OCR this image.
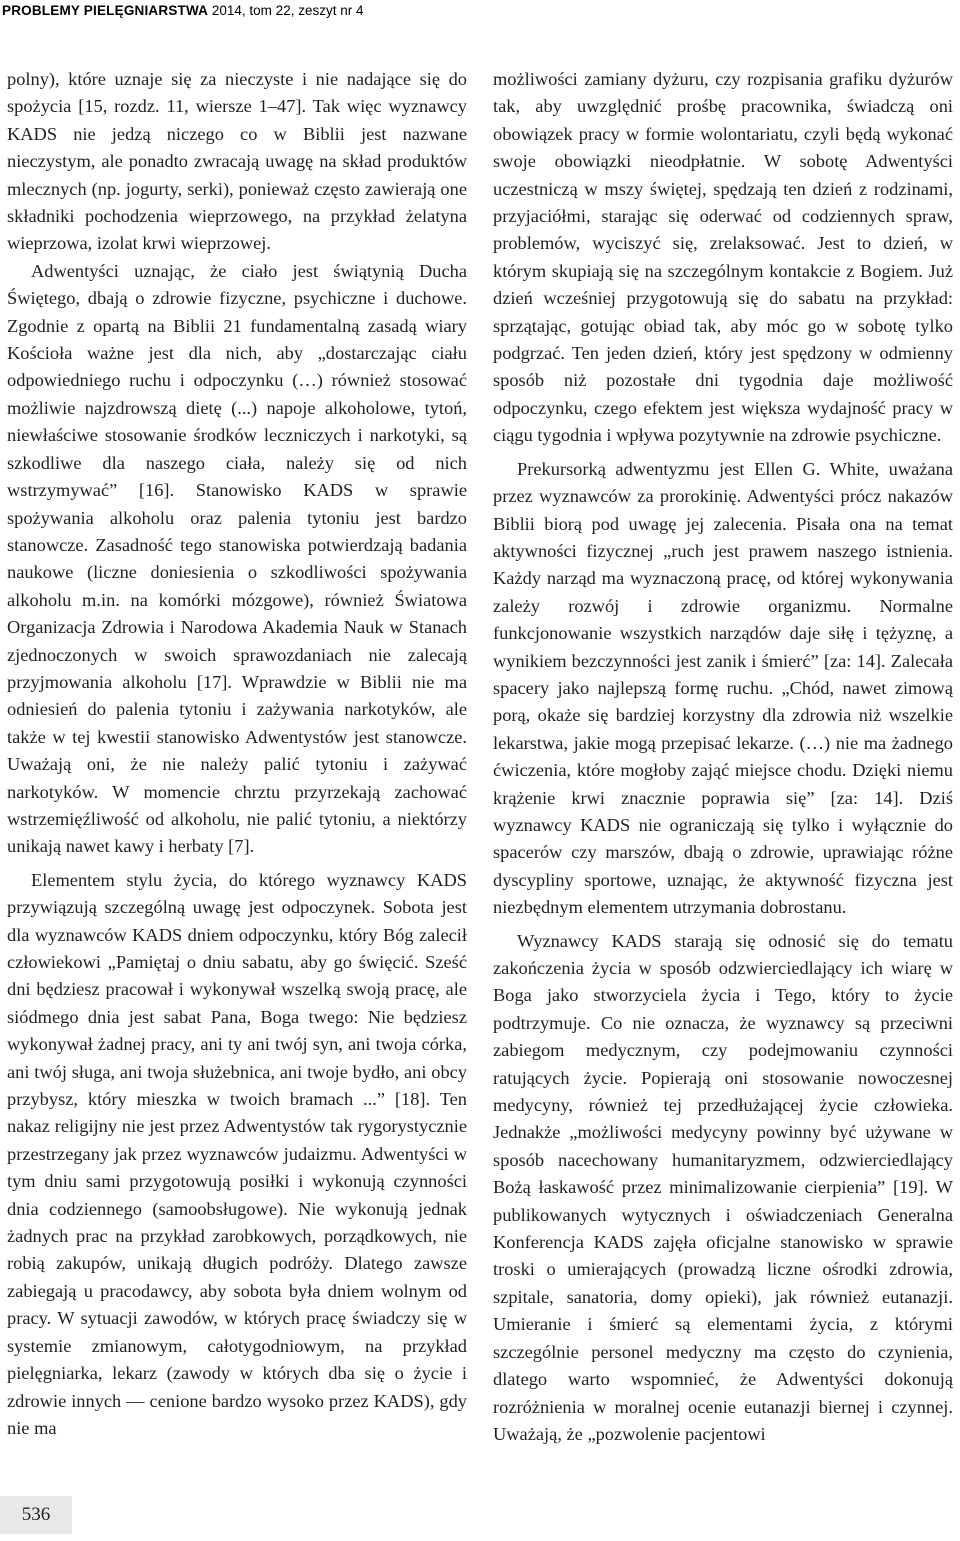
PROBLEMY PIELĘGNIARSTWA 2014, tom 22, zeszyt nr 4

polny), które uznaje się za nieczyste i nie nadające się do spożycia [15, rozdz. 11, wiersze 1–47]. Tak więc wyznawcy KADS nie jedzą niczego co w Biblii jest nazwane nieczystym, ale ponadto zwracają uwagę na skład produktów mlecznych (np. jogurty, serki), ponieważ często zawierają one składniki pochodzenia wieprzowego, na przykład żelatyna wieprzowa, izolat krwi wieprzowej.

Adwentyści uznając, że ciało jest świątynią Ducha Świętego, dbają o zdrowie fizyczne, psychiczne i duchowe. Zgodnie z opartą na Biblii 21 fundamentalną zasadą wiary Kościoła ważne jest dla nich, aby „dostarczając ciału odpowiedniego ruchu i odpoczynku (…) również stosować możliwie najzdrowszą dietę (...) napoje alkoholowe, tytoń, niewłaściwe stosowanie środków leczniczych i narkotyki, są szkodliwe dla naszego ciała, należy się od nich wstrzymywać” [16]. Stanowisko KADS w sprawie spożywania alkoholu oraz palenia tytoniu jest bardzo stanowcze. Zasadność tego stanowiska potwierdzają badania naukowe (liczne doniesienia o szkodliwości spożywania alkoholu m.in. na komórki mózgowe), również Światowa Organizacja Zdrowia i Narodowa Akademia Nauk w Stanach zjednoczonych w swoich sprawozdaniach nie zalecają przyjmowania alkoholu [17]. Wprawdzie w Biblii nie ma odniesień do palenia tytoniu i zażywania narkotyków, ale także w tej kwestii stanowisko Adwentystów jest stanowcze. Uważają oni, że nie należy palić tytoniu i zażywać narkotyków. W momencie chrztu przyrzekają zachować wstrzemięźliwość od alkoholu, nie palić tytoniu, a niektórzy unikają nawet kawy i herbaty [7].

Elementem stylu życia, do którego wyznawcy KADS przywiązują szczególną uwagę jest odpoczynek. Sobota jest dla wyznawców KADS dniem odpoczynku, który Bóg zalecił człowiekowi „Pamiętaj o dniu sabatu, aby go święcić. Sześć dni będziesz pracował i wykonywał wszelką swoją pracę, ale siódmego dnia jest sabat Pana, Boga twego: Nie będziesz wykonywał żadnej pracy, ani ty ani twój syn, ani twoja córka, ani twój sługa, ani twoja służebnica, ani twoje bydło, ani obcy przybysz, który mieszka w twoich bramach ...” [18]. Ten nakaz religijny nie jest przez Adwentystów tak rygorystycznie przestrzegany jak przez wyznawców judaizmu. Adwentyści w tym dniu sami przygotowują posiłki i wykonują czynności dnia codziennego (samoobsługowe). Nie wykonują jednak żadnych prac na przykład zarobkowych, porządkowych, nie robią zakupów, unikają długich podróży. Dlatego zawsze zabiegają u pracodawcy, aby sobota była dniem wolnym od pracy. W sytuacji zawodów, w których pracę świadczy się w systemie zmianowym, całotygodniowym, na przykład pielęgniarka, lekarz (zawody w których dba się o życie i zdrowie innych — cenione bardzo wysoko przez KADS), gdy nie ma

możliwości zamiany dyżuru, czy rozpisania grafiku dyżurów tak, aby uwzględnić prośbę pracownika, świadczą oni obowiązek pracy w formie wolontariatu, czyli będą wykonać swoje obowiązki nieodpłatnie. W sobotę Adwentyści uczestniczą w mszy świętej, spędzają ten dzień z rodzinami, przyjaciółmi, starając się oderwać od codziennych spraw, problemów, wyciszyć się, zrelaksować. Jest to dzień, w którym skupiają się na szczególnym kontakcie z Bogiem. Już dzień wcześniej przygotowują się do sabatu na przykład: sprzątając, gotując obiad tak, aby móc go w sobotę tylko podgrzać. Ten jeden dzień, który jest spędzony w odmienny sposób niż pozostałe dni tygodnia daje możliwość odpoczynku, czego efektem jest większa wydajność pracy w ciągu tygodnia i wpływa pozytywnie na zdrowie psychiczne.

Prekursorką adwentyzmu jest Ellen G. White, uważana przez wyznawców za prorokinię. Adwentyści prócz nakazów Biblii biorą pod uwagę jej zalecenia. Pisała ona na temat aktywności fizycznej „ruch jest prawem naszego istnienia. Każdy narząd ma wyznaczoną pracę, od której wykonywania zależy rozwój i zdrowie organizmu. Normalne funkcjonowanie wszystkich narządów daje siłę i tężyznę, a wynikiem bezczynności jest zanik i śmierć” [za: 14]. Zalecała spacery jako najlepszą formę ruchu. „Chód, nawet zimową porą, okaże się bardziej korzystny dla zdrowia niż wszelkie lekarstwa, jakie mogą przepisać lekarze. (…) nie ma żadnego ćwiczenia, które mogłoby zająć miejsce chodu. Dzięki niemu krążenie krwi znacznie poprawia się” [za: 14]. Dziś wyznawcy KADS nie ograniczają się tylko i wyłącznie do spacerów czy marszów, dbają o zdrowie, uprawiając różne dyscypliny sportowe, uznając, że aktywność fizyczna jest niezbędnym elementem utrzymania dobrostanu.

Wyznawcy KADS starają się odnosić się do tematu zakończenia życia w sposób odzwierciedlający ich wiarę w Boga jako stworzyciela życia i Tego, który to życie podtrzymuje. Co nie oznacza, że wyznawcy są przeciwni zabiegom medycznym, czy podejmowaniu czynności ratujących życie. Popierają oni stosowanie nowoczesnej medycyny, również tej przedłużającej życie człowieka. Jednakże „możliwości medycyny powinny być używane w sposób nacechowany humanitaryzmem, odzwierciedlający Bożą łaskawość przez minimalizowanie cierpienia” [19]. W publikowanych wytycznych i oświadczeniach Generalna Konferencja KADS zajęła oficjalne stanowisko w sprawie troski o umierających (prowadzą liczne ośrodki zdrowia, szpitale, sanatoria, domy opieki), jak również eutanazji. Umieranie i śmierć są elementami życia, z którymi szczególnie personel medyczny ma często do czynienia, dlatego warto wspomnieć, że Adwentyści dokonują rozróżnienia w moralnej ocenie eutanazji biernej i czynnej. Uważają, że „pozwolenie pacjentowi

536
